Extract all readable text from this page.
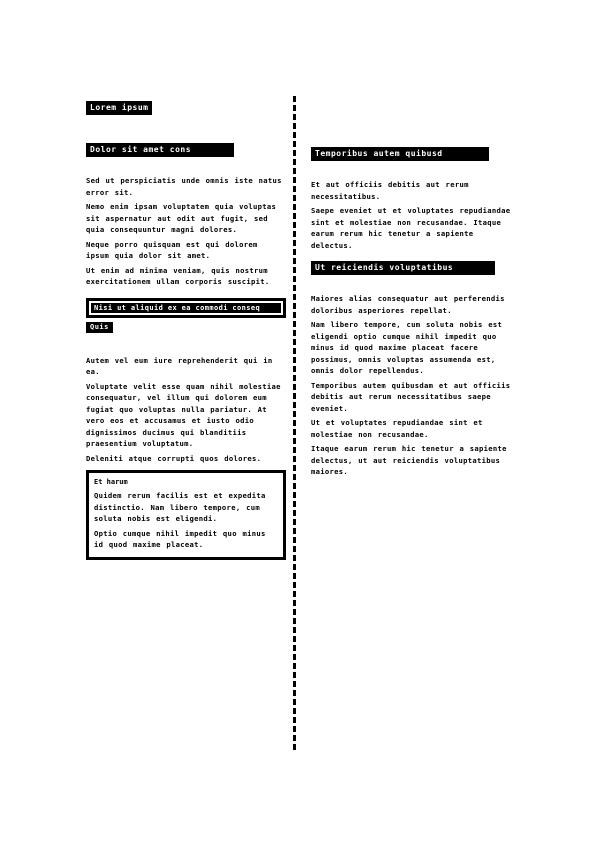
Lorem ipsum
Dolor sit amet cons

Sed ut perspiciatis unde omnis iste natus error sit.

Nemo enim ipsam voluptatem quia voluptas sit aspernatur aut odit aut fugit, sed quia consequuntur magni dolores.

Neque porro quisquam est qui dolorem ipsum quia dolor sit amet.

Ut enim ad minima veniam, quis nostrum exercitationem ullam corporis suscipit.

Nisi ut aliquid ex ea commodi conseq
Quis

Autem vel eum iure reprehenderit qui in ea.

Voluptate velit esse quam nihil molestiae consequatur, vel illum qui dolorem eum fugiat quo voluptas nulla pariatur. At vero eos et accusamus et iusto odio dignissimos ducimus qui blanditiis praesentium voluptatum.

Deleniti atque corrupti quos dolores.

Et harum

Quidem rerum facilis est et expedita distinctio. Nam libero tempore, cum soluta nobis est eligendi.

Optio cumque nihil impedit quo minus id quod maxime placeat.

Temporibus autem quibusd

Et aut officiis debitis aut rerum necessitatibus.

Saepe eveniet ut et voluptates repudiandae sint et molestiae non recusandae. Itaque earum rerum hic tenetur a sapiente delectus.

Ut reiciendis voluptatibus

Maiores alias consequatur aut perferendis doloribus asperiores repellat.

Nam libero tempore, cum soluta nobis est eligendi optio cumque nihil impedit quo minus id quod maxime placeat facere possimus, omnis voluptas assumenda est, omnis dolor repellendus.

Temporibus autem quibusdam et aut officiis debitis aut rerum necessitatibus saepe eveniet.

Ut et voluptates repudiandae sint et molestiae non recusandae.

Itaque earum rerum hic tenetur a sapiente delectus, ut aut reiciendis voluptatibus maiores.
